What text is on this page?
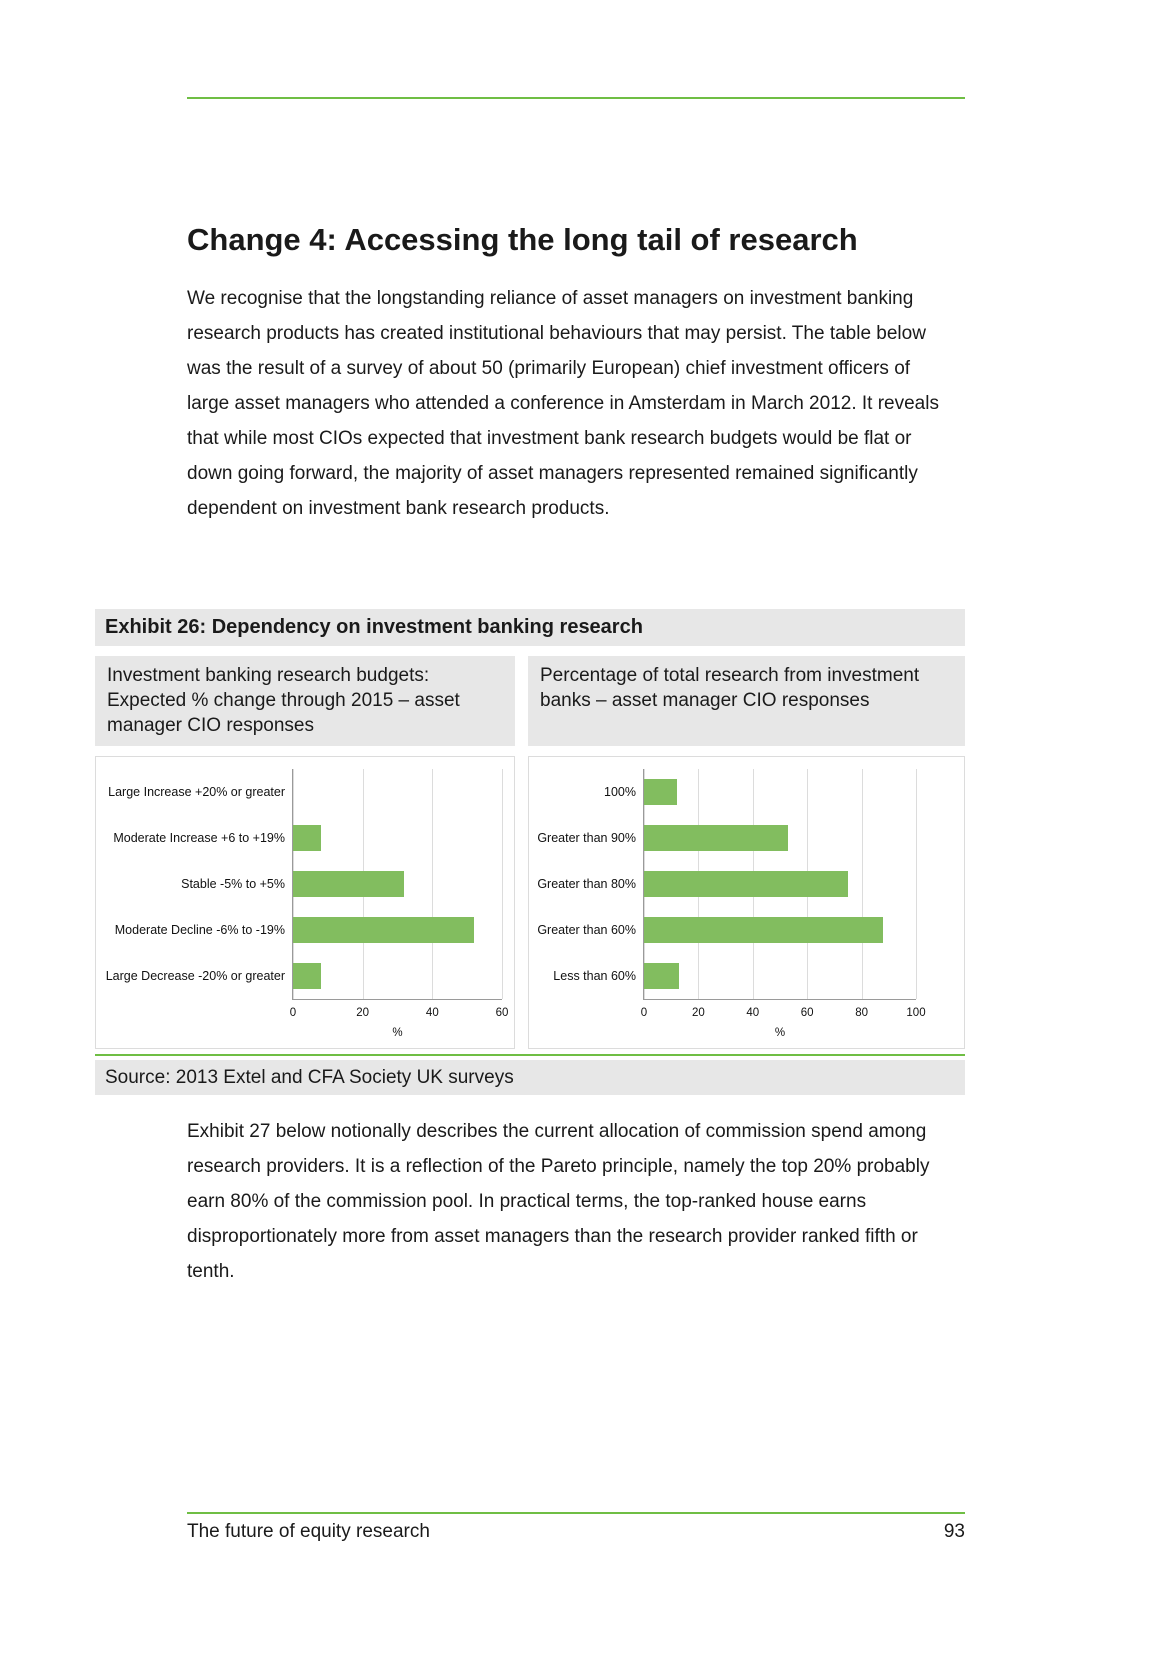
Change 4: Accessing the long tail of research

We recognise that the longstanding reliance of asset managers on investment banking research products has created institutional behaviours that may persist. The table below was the result of a survey of about 50 (primarily European) chief investment officers of large asset managers who attended a conference in Amsterdam in March 2012. It reveals that while most CIOs expected that investment bank research budgets would be flat or down going forward, the majority of asset managers represented remained significantly dependent on investment bank research products.

Exhibit 26: Dependency on investment banking research
Investment banking research budgets: Expected % change through 2015 – asset manager CIO responses
Large Increase +20% or greater
Moderate Increase +6 to +19%
Stable -5% to +5%
Moderate Decline -6% to -19%
Large Decrease -20% or greater
0	20	40	60
%
Percentage of total research from investment banks – asset manager CIO responses
100%
Greater than 90%
Greater than 80%
Greater than 60%
Less than 60%
0	20	40	60	80	100
%
Source: 2013 Extel and CFA Society UK surveys

Exhibit 27 below notionally describes the current allocation of commission spend among research providers. It is a reflection of the Pareto principle, namely the top 20% probably earn 80% of the commission pool. In practical terms, the top-ranked house earns disproportionately more from asset managers than the research provider ranked fifth or tenth.

The future of equity research	93
